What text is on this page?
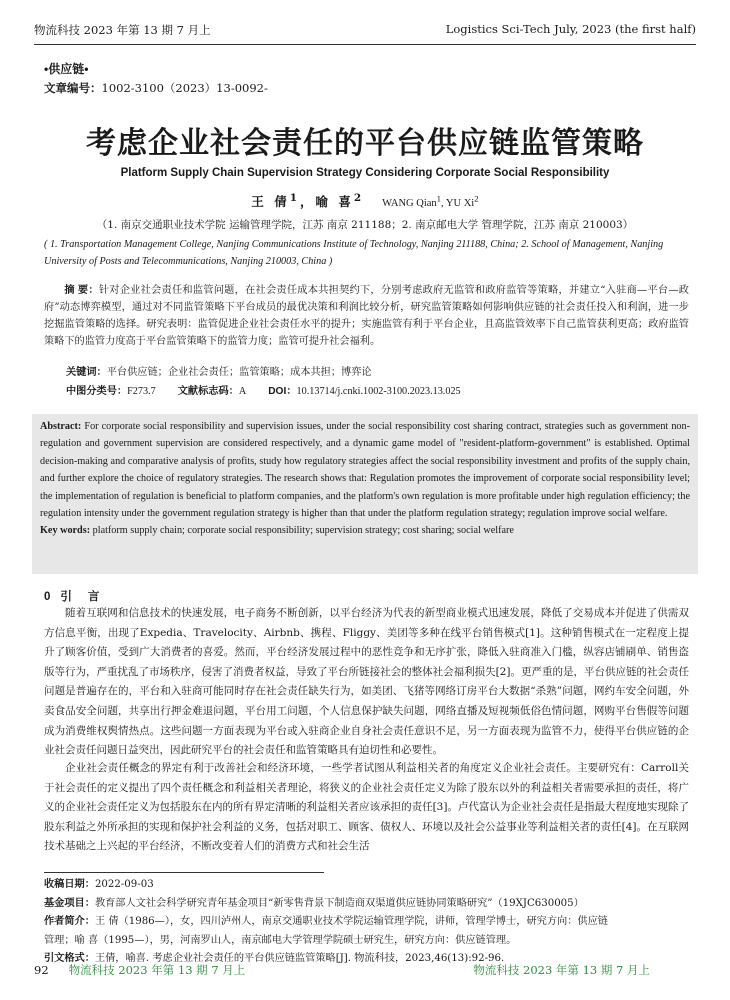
物流科技 2023 年第 13 期 7 月上	Logistics Sci-Tech July, 2023 (the first half)
•供应链•
文章编号：1002-3100（2023）13-0092-
考虑企业社会责任的平台供应链监管策略
Platform Supply Chain Supervision Strategy Considering Corporate Social Responsibility
王 倩$^1$，喻 喜$^2$ WANG Qian$^1$, YU Xi$^2$
（1. 南京交通职业技术学院 运输管理学院，江苏 南京 211188；2. 南京邮电大学 管理学院，江苏 南京 210003）
( 1. Transportation Management College, Nanjing Communications Institute of Technology, Nanjing 211188, China; 2. School of Management, Nanjing University of Posts and Telecommunications, Nanjing 210003, China )
摘 要：针对企业社会责任和监管问题，在社会责任成本共担契约下，分别考虑政府无监管和政府监管等策略，并建立“入驻商—平台—政府”动态博弈模型，通过对不同监管策略下平台成员的最优决策和利润比较分析，研究监管策略如何影响供应链的社会责任投入和利润，进一步挖掘监管策略的选择。研究表明：监管促进企业社会责任水平的提升；实施监管有利于平台企业，且高监管效率下自己监管获利更高；政府监管策略下的监管力度高于平台监管策略下的监管力度；监管可提升社会福利。
关键词：平台供应链；企业社会责任；监管策略；成本共担；博弈论
中图分类号：F273.7 文献标志码：A DOI：10.13714/j.cnki.1002-3100.2023.13.025
Abstract: For corporate social responsibility and supervision issues, under the social responsibility cost sharing contract, strategies such as government non-regulation and government supervision are considered respectively, and a dynamic game model of "resident-platform-government" is established. Optimal decision-making and comparative analysis of profits, study how regulatory strategies affect the social responsibility investment and profits of the supply chain, and further explore the choice of regulatory strategies. The research shows that: Regulation promotes the improvement of corporate social responsibility level; the implementation of regulation is beneficial to platform companies, and the platform's own regulation is more profitable under high regulation efficiency; the regulation intensity under the government regulation strategy is higher than that under the platform regulation strategy; regulation improve social welfare.
Key words: platform supply chain; corporate social responsibility; supervision strategy; cost sharing; social welfare
0 引 言
随着互联网和信息技术的快速发展，电子商务不断创新，以平台经济为代表的新型商业模式迅速发展，降低了交易成本并促进了供需双方信息平衡，出现了Expedia、Travelocity、Airbnb、携程、Fliggy、美团等多种在线平台销售模式[1]。这种销售模式在一定程度上提升了顾客价值，受到广大消费者的喜爱。然而，平台经济发展过程中的恶性竞争和无序扩张，降低入驻商准入门槛，纵容店铺刷单、销售盗版等行为，严重扰乱了市场秩序，侵害了消费者权益，导致了平台所链接社会的整体社会福利损失[2]。更严重的是，平台供应链的社会责任问题是普遍存在的，平台和入驻商可能同时存在社会责任缺失行为，如美团、飞猪等网络订房平台大数据“杀熟”问题，网约车安全问题，外卖食品安全问题，共享出行押金难退问题，平台用工问题，个人信息保护缺失问题，网络直播及短视频低俗色情问题，网购平台售假等问题成为消费维权舆情热点。这些问题一方面表现为平台或入驻商企业自身社会责任意识不足，另一方面表现为监管不力，使得平台供应链的企业社会责任问题日益突出，因此研究平台的社会责任和监管策略具有迫切性和必要性。
企业社会责任概念的界定有利于改善社会和经济环境，一些学者试图从利益相关者的角度定义企业社会责任。主要研究有：Carroll关于社会责任的定义提出了四个责任概念和利益相关者理论，将狭义的企业社会责任定义为除了股东以外的利益相关者需要承担的责任，将广义的企业社会责任定义为包括股东在内的所有界定清晰的利益相关者应该承担的责任[3]。卢代富认为企业社会责任是指最大程度地实现除了股东利益之外所承担的实现和保护社会利益的义务，包括对职工、顾客、债权人、环境以及社会公益事业等利益相关者的责任[4]。在互联网技术基础之上兴起的平台经济，不断改变着人们的消费方式和社会生活
收稿日期：2022-09-03
基金项目：教育部人文社会科学研究青年基金项目“新零售背景下制造商双渠道供应链协同策略研究”（19XJC630005）
作者简介：王 倩（1986—），女，四川泸州人，南京交通职业技术学院运输管理学院，讲师，管理学博士，研究方向：供应链
管理；喻 喜（1995—），男，河南罗山人，南京邮电大学管理学院硕士研究生，研究方向：供应链管理。
引文格式：王倩，喻喜. 考虑企业社会责任的平台供应链监管策略[J]. 物流科技，2023,46(13):92-96.
92 物流科技 2023 年第 13 期 7 月上	物流科技 2023 年第 13 期 7 月上
